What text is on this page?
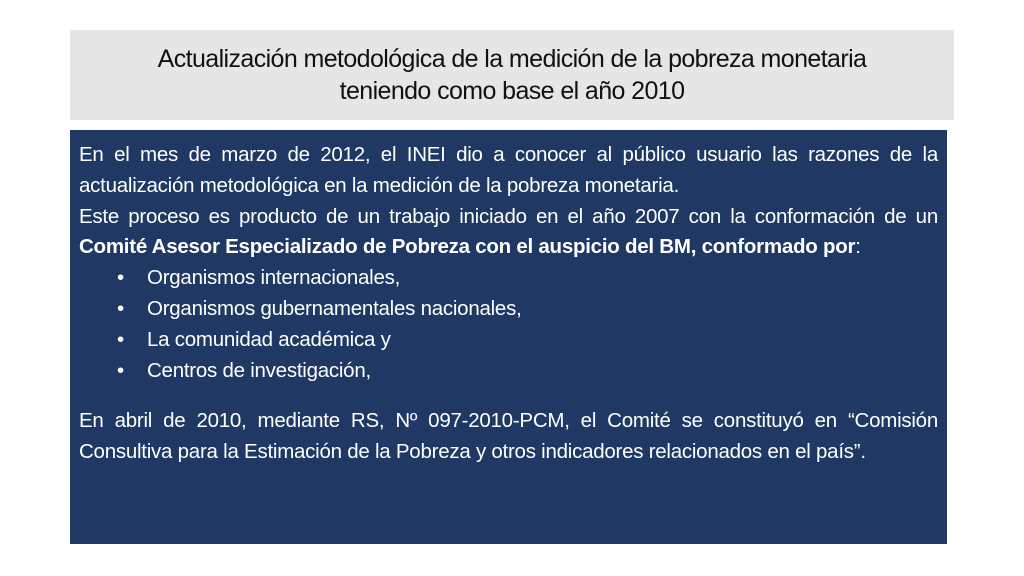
Actualización metodológica de la medición de la pobreza monetaria
teniendo como base el año 2010

En el mes de marzo de 2012, el INEI dio a conocer al público usuario las razones de la actualización metodológica en la medición de la pobreza monetaria.

Este proceso es producto de un trabajo iniciado en el año 2007 con la conformación de un Comité Asesor Especializado de Pobreza con el auspicio del BM, conformado por:

• Organismos internacionales,
• Organismos gubernamentales nacionales,
• La comunidad académica y
• Centros de investigación,

En abril de 2010, mediante RS, Nº 097-2010-PCM, el Comité se constituyó en “Comisión Consultiva para la Estimación de la Pobreza y otros indicadores relacionados en el país”.
